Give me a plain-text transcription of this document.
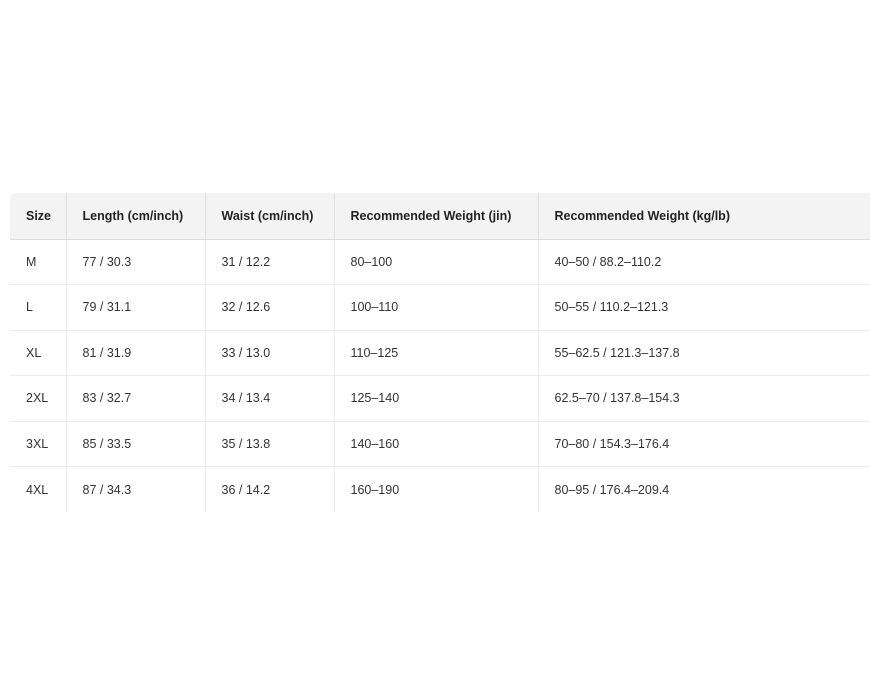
Size	Length (cm/inch)	Waist (cm/inch)	Recommended Weight (jin)	Recommended Weight (kg/lb)
M	77 / 30.3	31 / 12.2	80–100	40–50 / 88.2–110.2
L	79 / 31.1	32 / 12.6	100–110	50–55 / 110.2–121.3
XL	81 / 31.9	33 / 13.0	110–125	55–62.5 / 121.3–137.8
2XL	83 / 32.7	34 / 13.4	125–140	62.5–70 / 137.8–154.3
3XL	85 / 33.5	35 / 13.8	140–160	70–80 / 154.3–176.4
4XL	87 / 34.3	36 / 14.2	160–190	80–95 / 176.4–209.4
